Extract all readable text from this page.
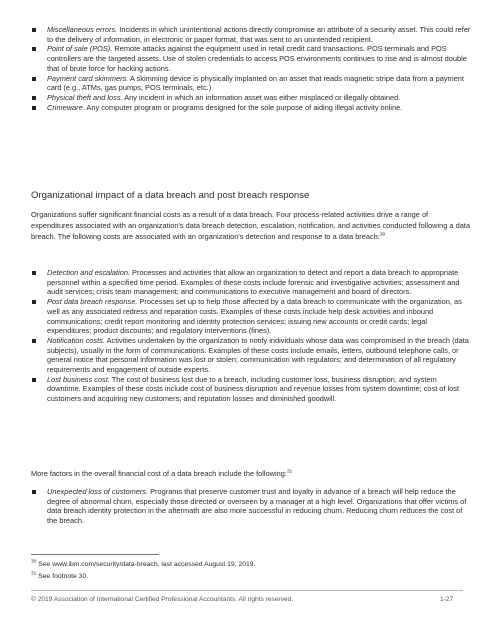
Miscellaneous errors. Incidents in which unintentional actions directly compromise an attribute of a security asset. This could refer to the delivery of information, in electronic or paper format, that was sent to an unintended recipient.
Point of sale (POS). Remote attacks against the equipment used in retail credit card transactions. POS terminals and POS controllers are the targeted assets. Use of stolen credentials to access POS environments continues to rise and is almost double that of brute force for hacking actions.
Payment card skimmers. A skimming device is physically implanted on an asset that reads magnetic stripe data from a payment card (e.g., ATMs, gas pumps, POS terminals, etc.)
Physical theft and loss. Any incident in which an information asset was either misplaced or illegally obtained.
Crimeware. Any computer program or programs designed for the sole purpose of aiding illegal activity online.
Organizational impact of a data breach and post breach response

Organizations suffer significant financial costs as a result of a data breach. Four process-related activities drive a range of expenditures associated with an organization's data breach detection, escalation, notification, and activities conducted following a data breach. The following costs are associated with an organization's detection and response to a data breach:$^{30}$

Detection and escalation. Processes and activities that allow an organization to detect and report a data breach to appropriate personnel within a specified time period. Examples of these costs include forensic and investigative activities; assessment and audit services; crisis team management; and communications to executive management and board of directors.
Post data breach response. Processes set up to help those affected by a data breach to communicate with the organization, as well as any associated redress and reparation costs. Examples of these costs include help desk activities and inbound communications; credit report monitoring and identity protection services; issuing new accounts or credit cards; legal expenditures; product discounts; and regulatory interventions (fines).
Notification costs. Activities undertaken by the organization to notify individuals whose data was compromised in the breach (data subjects), usually in the form of communications. Examples of these costs include emails, letters, outbound telephone calls, or general notice that personal information was lost or stolen; communication with regulators; and determination of all regulatory requirements and engagement of outside experts.
Lost business cost. The cost of business lost due to a breach, including customer loss, business disruption, and system downtime. Examples of these costs include cost of business disruption and revenue losses from system downtime; cost of lost customers and acquiring new customers; and reputation losses and diminished goodwill.

More factors in the overall financial cost of a data breach include the following:$^{31}$

Unexpected loss of customers. Programs that preserve customer trust and loyalty in advance of a breach will help reduce the degree of abnormal churn, especially those directed or overseen by a manager at a high level. Organizations that offer victims of data breach identity protection in the aftermath are also more successful in reducing churn. Reducing churn reduces the cost of the breach.

$^{30}$ See www.ibm.com/security/data-breach, last accessed August 19, 2019.

$^{31}$ See footnote 30.

© 2019 Association of International Certified Professional Accountants. All rights reserved.	1-27
